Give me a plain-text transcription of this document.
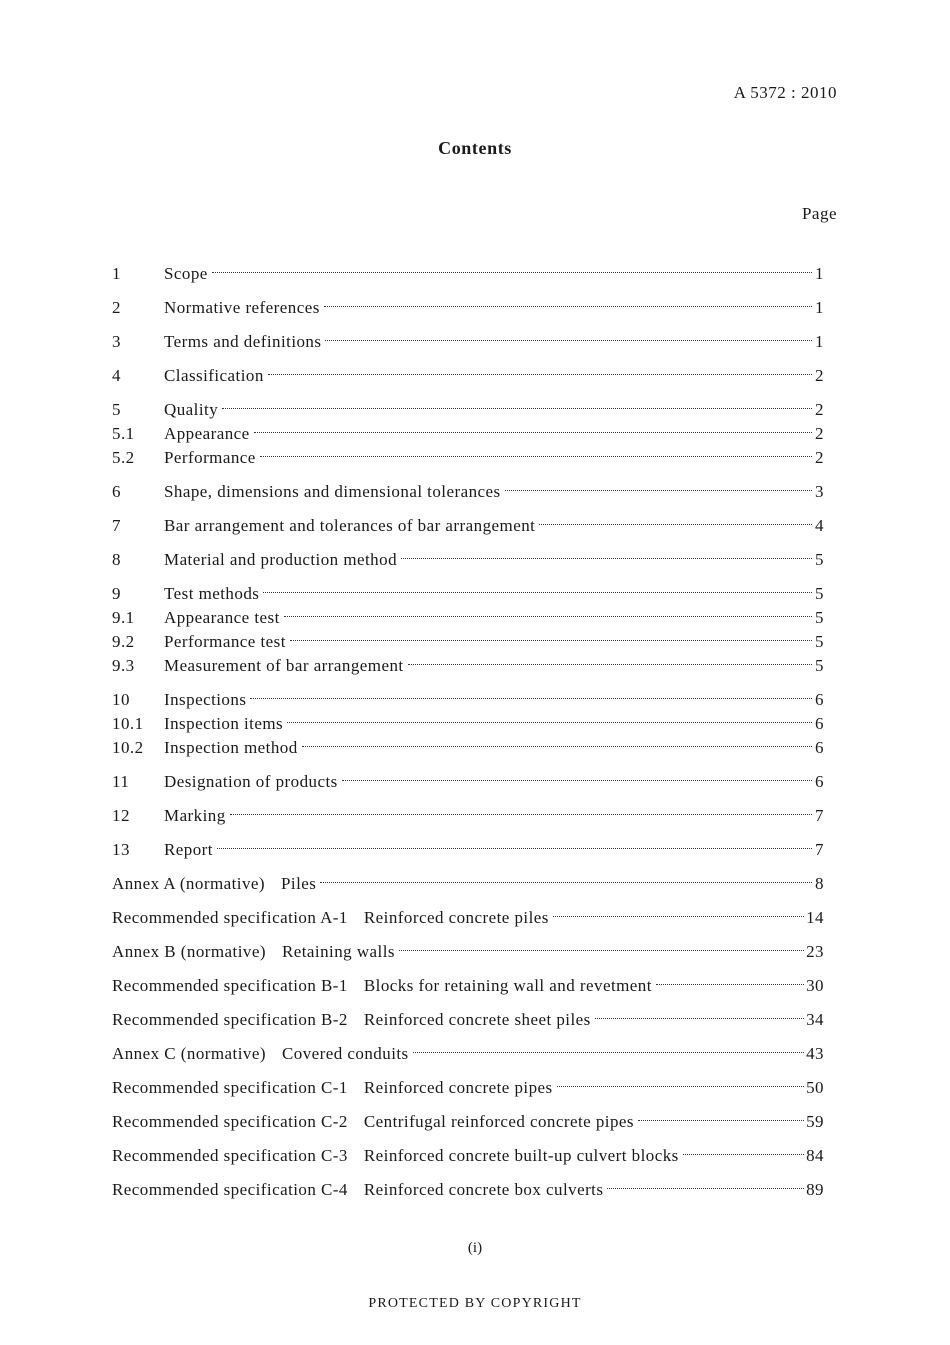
A 5372 : 2010
Contents
Page
1	Scope	1
2	Normative references	1
3	Terms and definitions	1
4	Classification	2
5	Quality	2
5.1	Appearance	2
5.2	Performance	2
6	Shape, dimensions and dimensional tolerances	3
7	Bar arrangement and tolerances of bar arrangement	4
8	Material and production method	5
9	Test methods	5
9.1	Appearance test	5
9.2	Performance test	5
9.3	Measurement of bar arrangement	5
10	Inspections	6
10.1	Inspection items	6
10.2	Inspection method	6
11	Designation of products	6
12	Marking	7
13	Report	7
Annex A (normative) Piles	8
Recommended specification A-1 Reinforced concrete piles	14
Annex B (normative) Retaining walls	23
Recommended specification B-1 Blocks for retaining wall and revetment	30
Recommended specification B-2 Reinforced concrete sheet piles	34
Annex C (normative) Covered conduits	43
Recommended specification C-1 Reinforced concrete pipes	50
Recommended specification C-2 Centrifugal reinforced concrete pipes	59
Recommended specification C-3 Reinforced concrete built-up culvert blocks	84
Recommended specification C-4 Reinforced concrete box culverts	89
(i)
PROTECTED BY COPYRIGHT
